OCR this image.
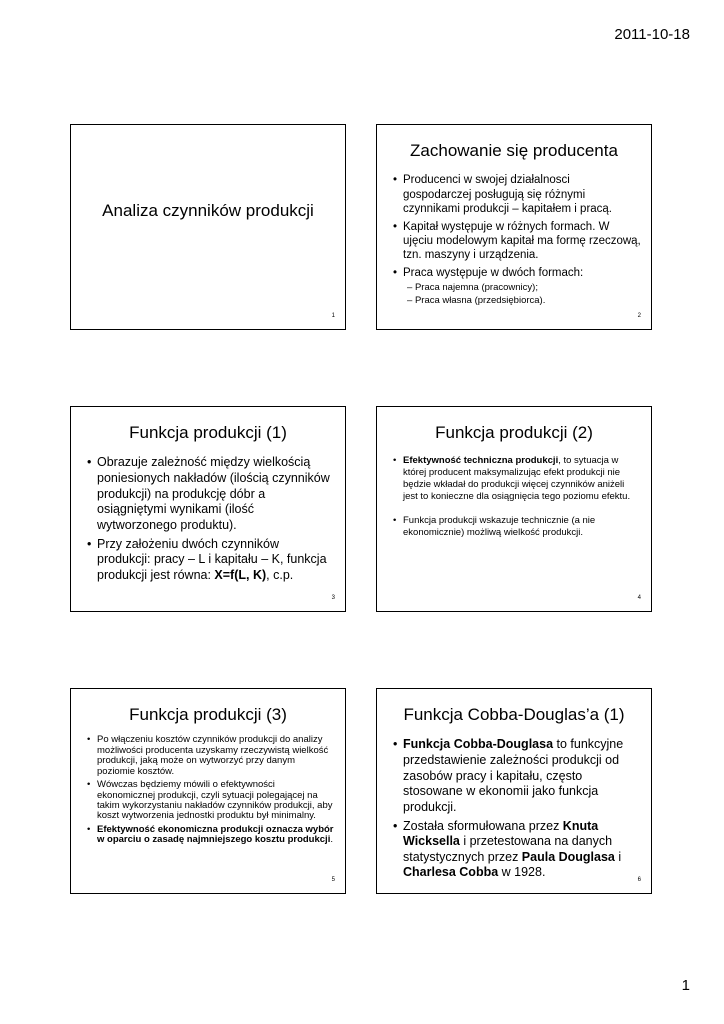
2011-10-18
Analiza czynników produkcji
1
Zachowanie się producenta
• Producenci w swojej działalnosci gospodarczej posługują się różnymi czynnikami produkcji – kapitałem i pracą.
• Kapitał występuje w różnych formach. W ujęciu modelowym kapitał ma formę rzeczową, tzn. maszyny i urządzenia.
• Praca występuje w dwóch formach:
– Praca najemna (pracownicy);
– Praca własna (przedsiębiorca).
2
Funkcja produkcji (1)
• Obrazuje zależność między wielkością poniesionych nakładów (ilością czynników produkcji) na produkcję dóbr a osiągniętymi wynikami (ilość wytworzonego produktu).
• Przy założeniu dwóch czynników produkcji: pracy – L i kapitału – K, funkcja produkcji jest równa: X=f(L, K), c.p.
3
Funkcja produkcji (2)
• Efektywność techniczna produkcji, to sytuacja w której producent maksymalizując efekt produkcji nie będzie wkładał do produkcji więcej czynników aniżeli jest to konieczne dla osiągnięcia tego poziomu efektu.
• Funkcja produkcji wskazuje technicznie (a nie ekonomicznie) możliwą wielkość produkcji.
4
Funkcja produkcji (3)
• Po włączeniu kosztów czynników produkcji do analizy możliwości producenta uzyskamy rzeczywistą wielkość produkcji, jaką może on wytworzyć przy danym poziomie kosztów.
• Wówczas będziemy mówili o efektywności ekonomicznej produkcji, czyli sytuacji polegającej na takim wykorzystaniu nakładów czynników produkcji, aby koszt wytworzenia jednostki produktu był minimalny.
• Efektywność ekonomiczna produkcji oznacza wybór w oparciu o zasadę najmniejszego kosztu produkcji.
5
Funkcja Cobba-Douglas’a (1)
• Funkcja Cobba-Douglasa to funkcyjne przedstawienie zależności produkcji od zasobów pracy i kapitału, często stosowane w ekonomii jako funkcja produkcji.
• Została sformułowana przez Knuta Wicksella i przetestowana na danych statystycznych przez Paula Douglasa i Charlesa Cobba w 1928.
6
1
